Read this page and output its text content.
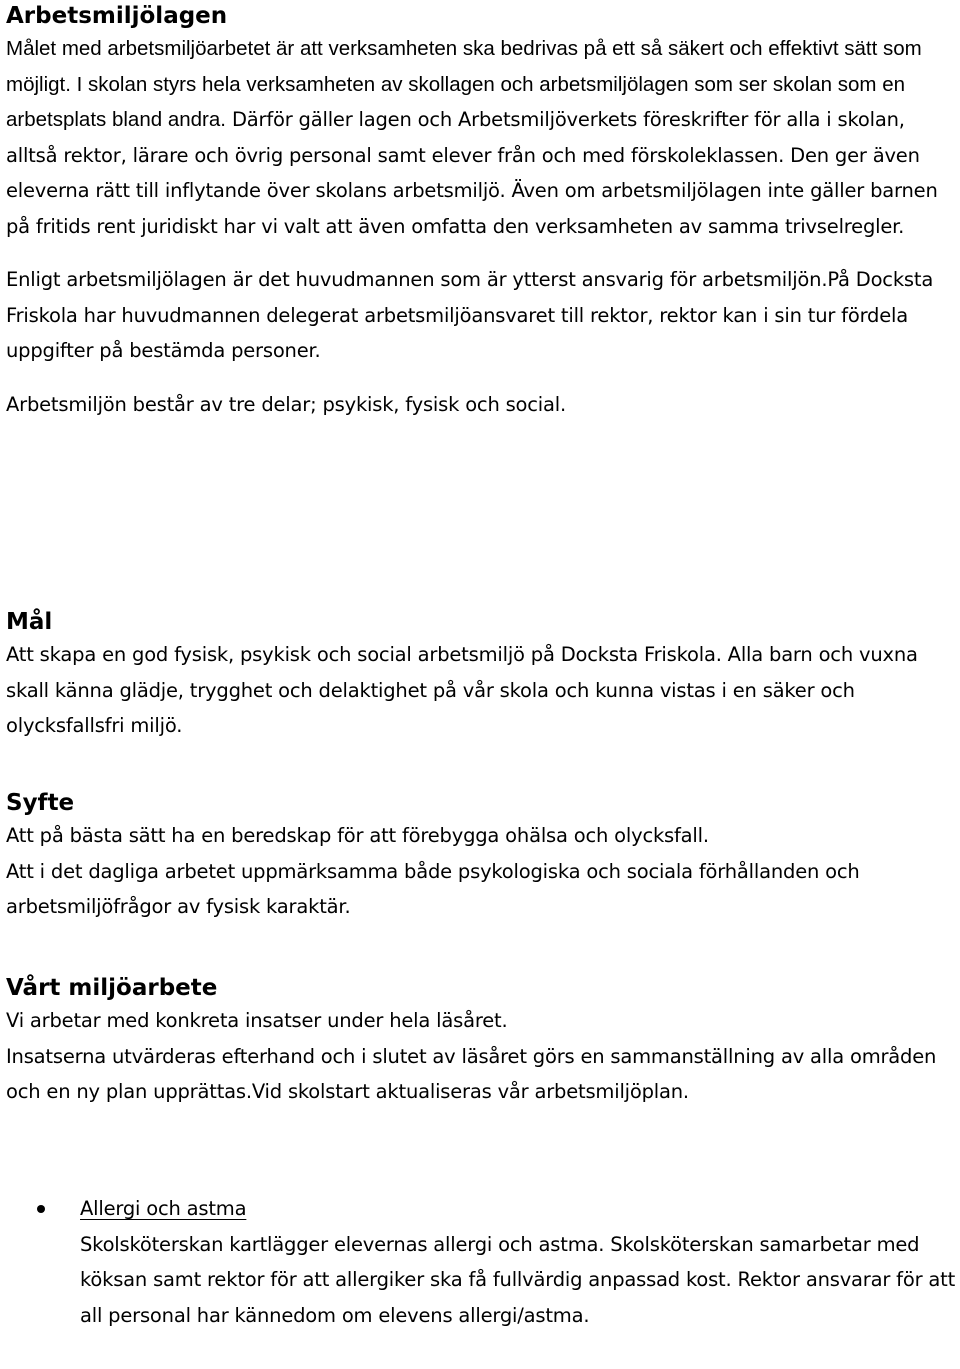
Arbetsmiljölagen

Målet med arbetsmiljöarbetet är att verksamheten ska bedrivas på ett så säkert och effektivt sätt som möjligt. I skolan styrs hela verksamheten av skollagen och arbetsmiljölagen som ser skolan som en arbetsplats bland andra. Därför gäller lagen och Arbetsmiljöverkets föreskrifter för alla i skolan, alltså rektor, lärare och övrig personal samt elever från och med förskoleklassen. Den ger även eleverna rätt till inflytande över skolans arbetsmiljö. Även om arbetsmiljölagen inte gäller barnen på fritids rent juridiskt har vi valt att även omfatta den verksamheten av samma trivselregler.

Enligt arbetsmiljölagen är det huvudmannen som är ytterst ansvarig för arbetsmiljön.På Docksta Friskola har huvudmannen delegerat arbetsmiljöansvaret till rektor, rektor kan i sin tur fördela uppgifter på bestämda personer.

Arbetsmiljön består av tre delar; psykisk, fysisk och social.

Mål

Att skapa en god fysisk, psykisk och social arbetsmiljö på Docksta Friskola. Alla barn och vuxna skall känna glädje, trygghet och delaktighet på vår skola och kunna vistas i en säker och olycksfallsfri miljö.

Syfte

Att på bästa sätt ha en beredskap för att förebygga ohälsa och olycksfall.

Att i det dagliga arbetet uppmärksamma både psykologiska och sociala förhållanden och arbetsmiljöfrågor av fysisk karaktär.

Vårt miljöarbete

Vi arbetar med konkreta insatser under hela läsåret.

Insatserna utvärderas efterhand och i slutet av läsåret görs en sammanställning av alla områden och en ny plan upprättas.Vid skolstart aktualiseras vår arbetsmiljöplan.

Allergi och astma

Skolsköterskan kartlägger elevernas allergi och astma. Skolsköterskan samarbetar med köksan samt rektor för att allergiker ska få fullvärdig anpassad kost. Rektor ansvarar för att all personal har kännedom om elevens allergi/astma.
